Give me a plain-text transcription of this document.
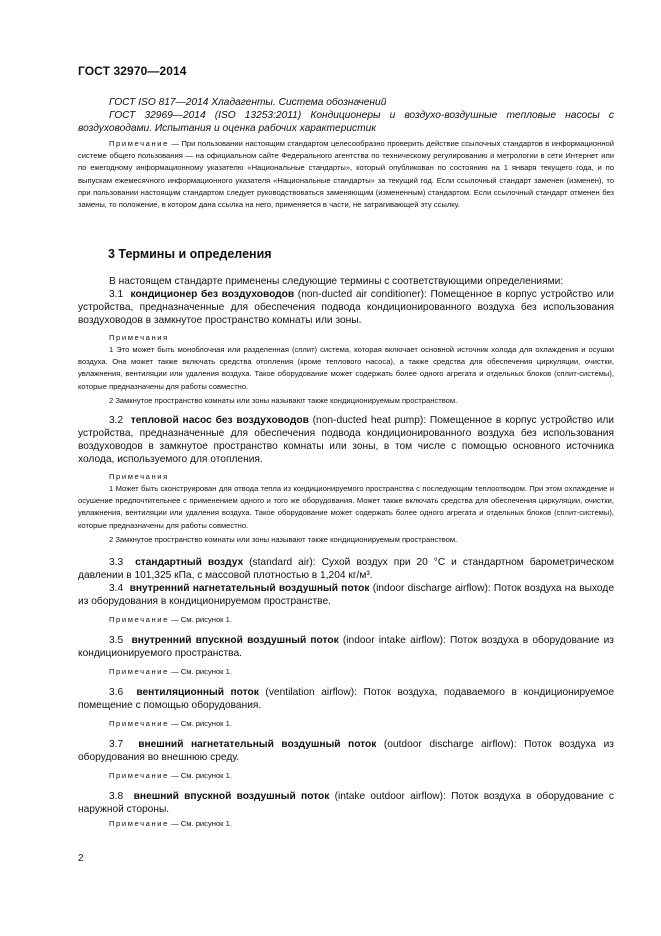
ГОСТ 32970—2014

ГОСТ ISO 817—2014 Хладагенты. Система обозначений

ГОСТ 32969—2014 (ISO 13253:2011) Кондиционеры и воздухо-воздушные тепловые насосы с воздуховодами. Испытания и оценка рабочих характеристик

Примечание — При пользовании настоящим стандартом целесообразно проверить действие ссылочных стандартов в информационной системе общего пользования — на официальном сайте Федерального агентства по техническому регулированию и метрологии в сети Интернет или по ежегодному информационному указателю «Национальные стандарты», который опубликован по состоянию на 1 января текущего года, и по выпускам ежемесячного информационного указателя «Национальные стандарты» за текущий год. Если ссылочный стандарт заменен (изменен), то при пользовании настоящим стандартом следует руководствоваться заменяющим (измененным) стандартом. Если ссылочный стандарт отменен без замены, то положение, в котором дана ссылка на него, применяется в части, не затрагивающей эту ссылку.

3 Термины и определения

В настоящем стандарте применены следующие термины с соответствующими определениями:

3.1 кондиционер без воздуховодов (non-ducted air conditioner): Помещенное в корпус устройство или устройства, предназначенные для обеспечения подвода кондиционированного воздуха без использования воздуховодов в замкнутое пространство комнаты или зоны.

Примечания

1 Это может быть моноблочная или разделенная (сплит) система, которая включает основной источник холода для охлаждения и осушки воздуха. Она может также включать средства отопления (кроме теплового насоса), а также средства для обеспечения циркуляции, очистки, увлажнения, вентиляции или удаления воздуха. Такое оборудование может содержать более одного агрегата и отдельных блоков (сплит-системы), которые предназначены для работы совместно.

2 Замкнутое пространство комнаты или зоны называют также кондиционируемым пространством.

3.2 тепловой насос без воздуховодов (non-ducted heat pump): Помещенное в корпус устройство или устройства, предназначенные для обеспечения подвода кондиционированного воздуха без использования воздуховодов в замкнутое пространство комнаты или зоны, в том числе с помощью основного источника холода, используемого для отопления.

Примечания

1 Может быть сконструирован для отвода тепла из кондиционируемого пространства с последующим теплоотводом. При этом охлаждение и осушение предпочтительнее с применением одного и того же оборудования. Может также включать средства для обеспечения циркуляции, очистки, увлажнения, вентиляции или удаления воздуха. Такое оборудование может содержать более одного агрегата и отдельных блоков (сплит-системы), которые предназначены для работы совместно.

2 Замкнутое пространство комнаты или зоны называют также кондиционируемым пространством.

3.3 стандартный воздух (standard air): Сухой воздух при 20 °С и стандартном барометрическом давлении в 101,325 кПа, с массовой плотностью в 1,204 кг/м³.

3.4 внутренний нагнетательный воздушный поток (indoor discharge airflow): Поток воздуха на выходе из оборудования в кондиционируемом пространстве.

Примечание — См. рисунок 1.

3.5 внутренний впускной воздушный поток (indoor intake airflow): Поток воздуха в оборудование из кондиционируемого пространства.

Примечание — См. рисунок 1.

3.6 вентиляционный поток (ventilation airflow): Поток воздуха, подаваемого в кондиционируемое помещение с помощью оборудования.

Примечание — См. рисунок 1.

3.7 внешний нагнетательный воздушный поток (outdoor discharge airflow): Поток воздуха из оборудования во внешнюю среду.

Примечание — См. рисунок 1.

3.8 внешний впускной воздушный поток (intake outdoor airflow): Поток воздуха в оборудование с наружной стороны.

Примечание — См. рисунок 1.

2
